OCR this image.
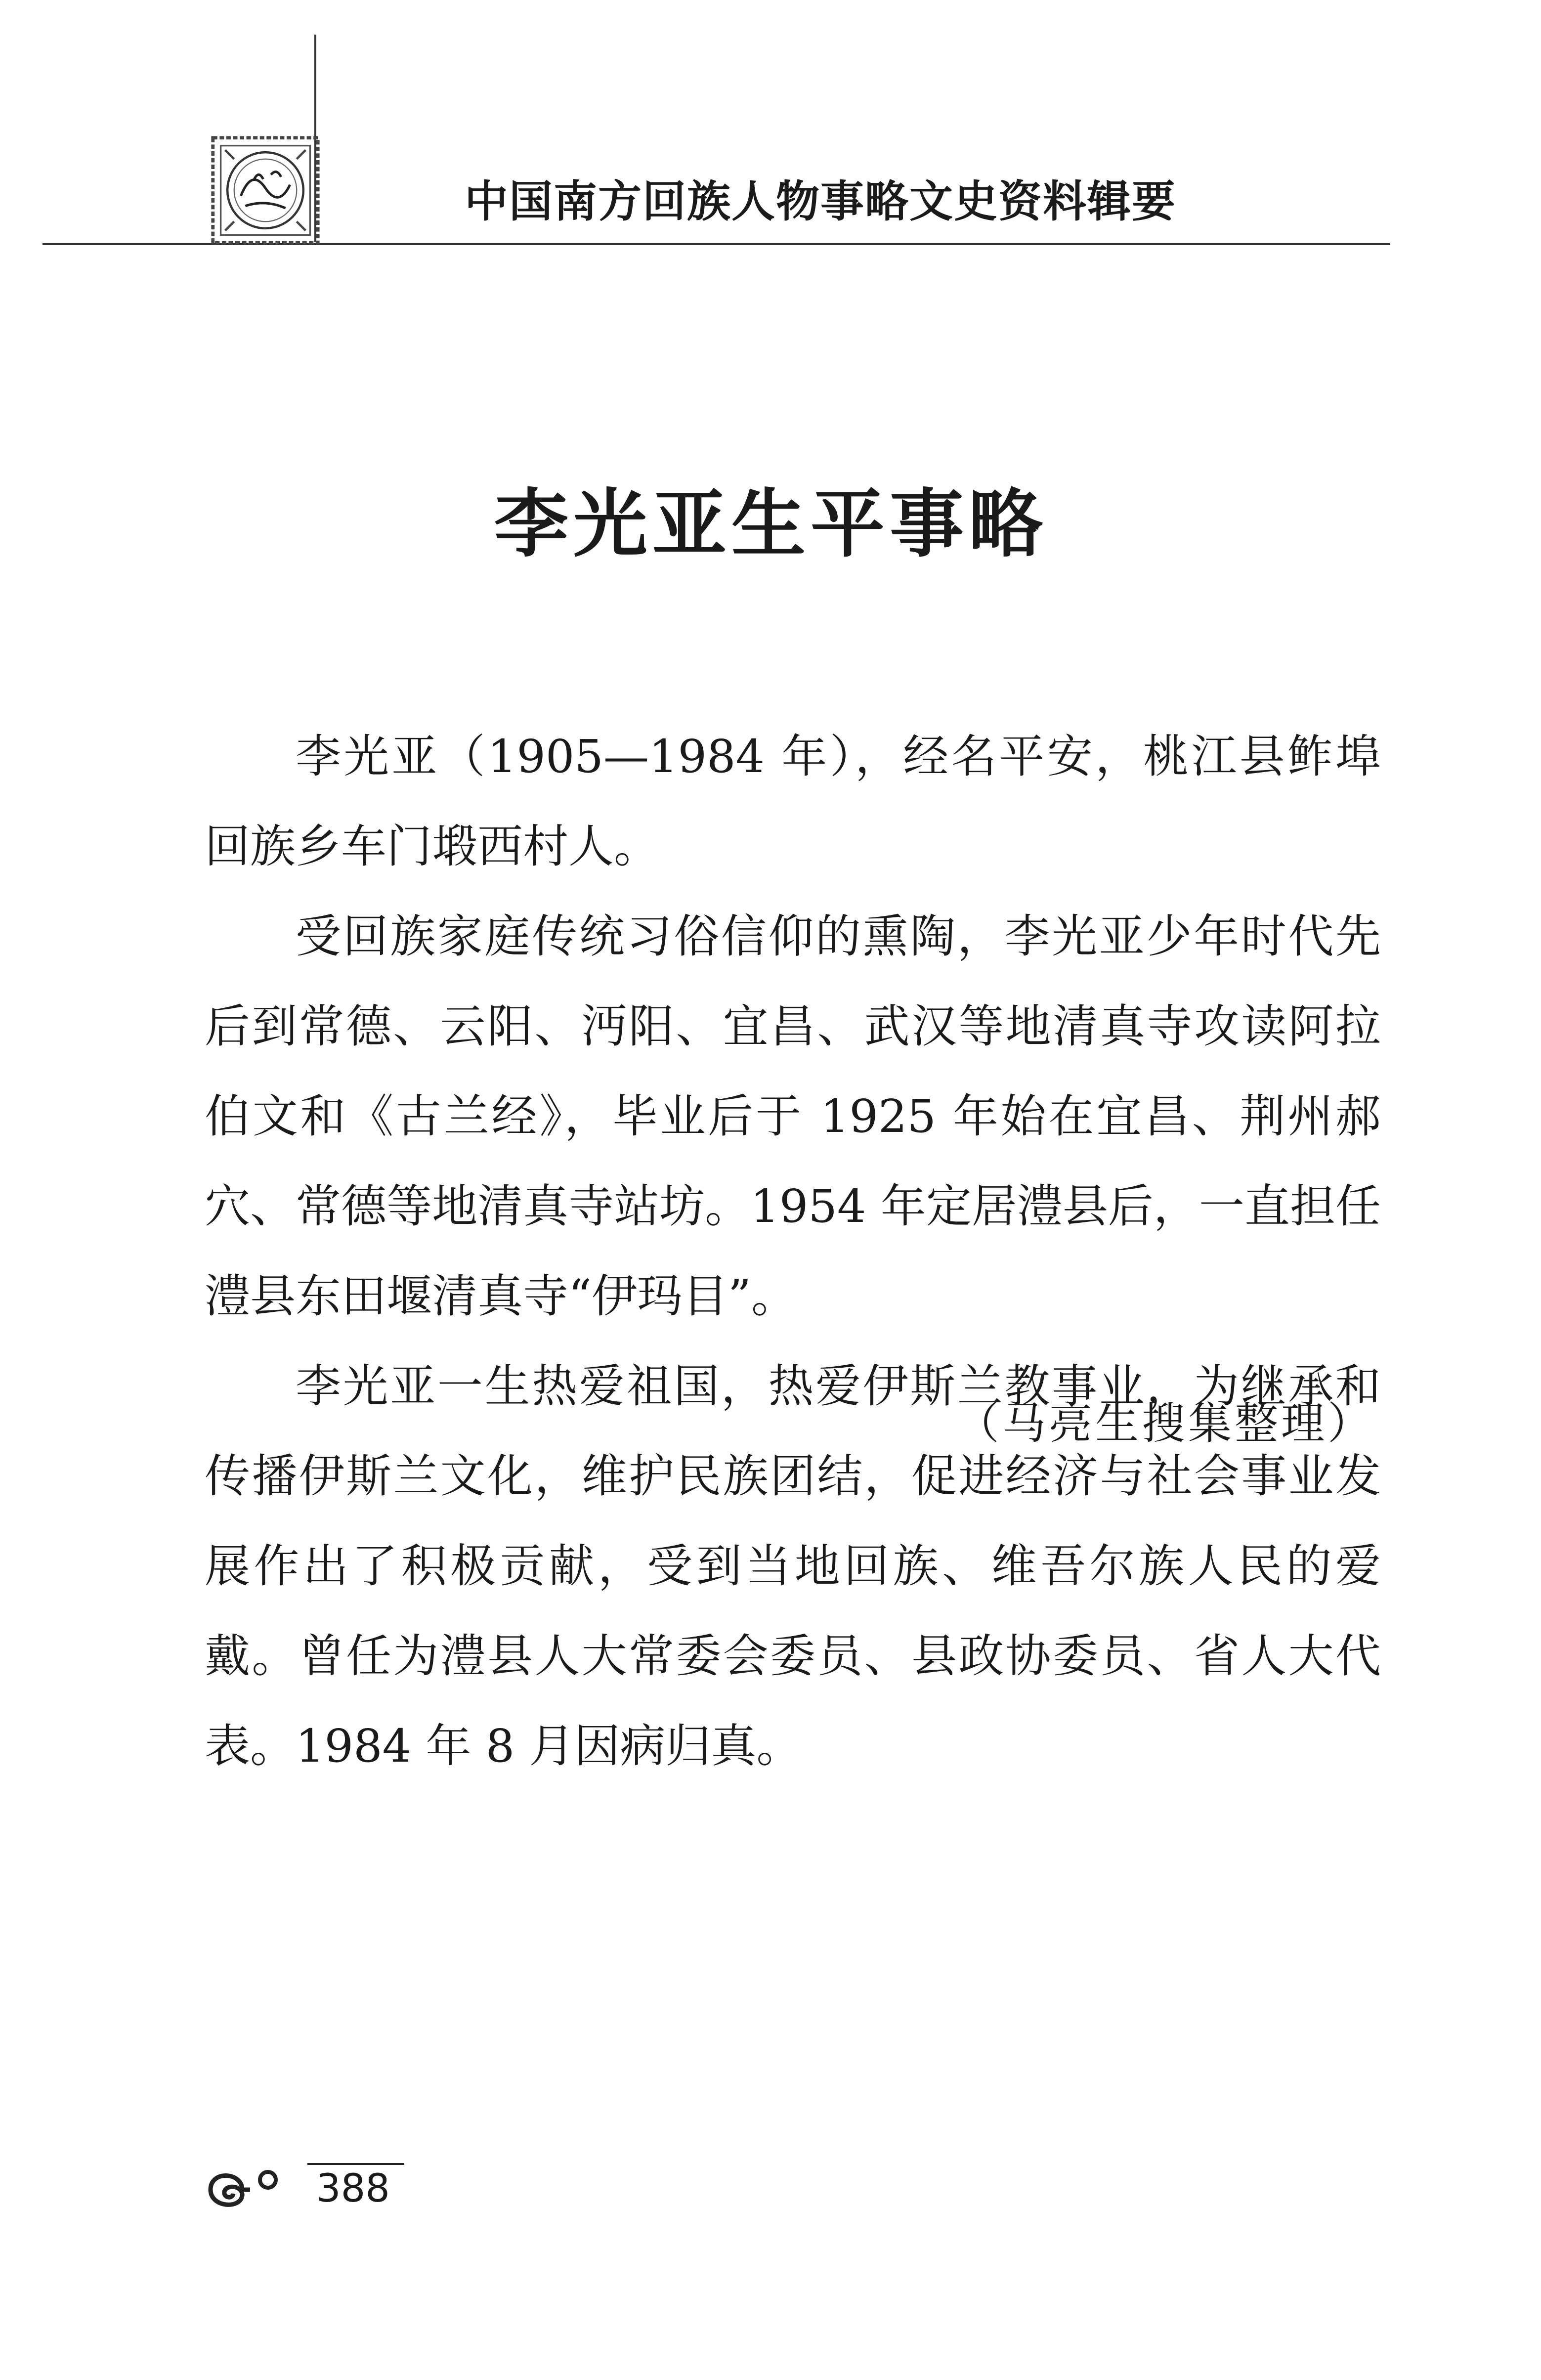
中国南方回族人物事略文史资料辑要
李光亚生平事略

李光亚（1905—1984 年），经名平安，桃江县鲊埠回族乡车门塅西村人。

受回族家庭传统习俗信仰的熏陶，李光亚少年时代先后到常德、云阳、沔阳、宜昌、武汉等地清真寺攻读阿拉伯文和《古兰经》，毕业后于 1925 年始在宜昌、荆州郝穴、常德等地清真寺站坊。1954 年定居澧县后，一直担任澧县东田堰清真寺“伊玛目”。

李光亚一生热爱祖国，热爱伊斯兰教事业，为继承和传播伊斯兰文化，维护民族团结，促进经济与社会事业发展作出了积极贡献，受到当地回族、维吾尔族人民的爱戴。曾任为澧县人大常委会委员、县政协委员、省人大代表。1984 年 8 月因病归真。

（马亮生搜集整理）
388
